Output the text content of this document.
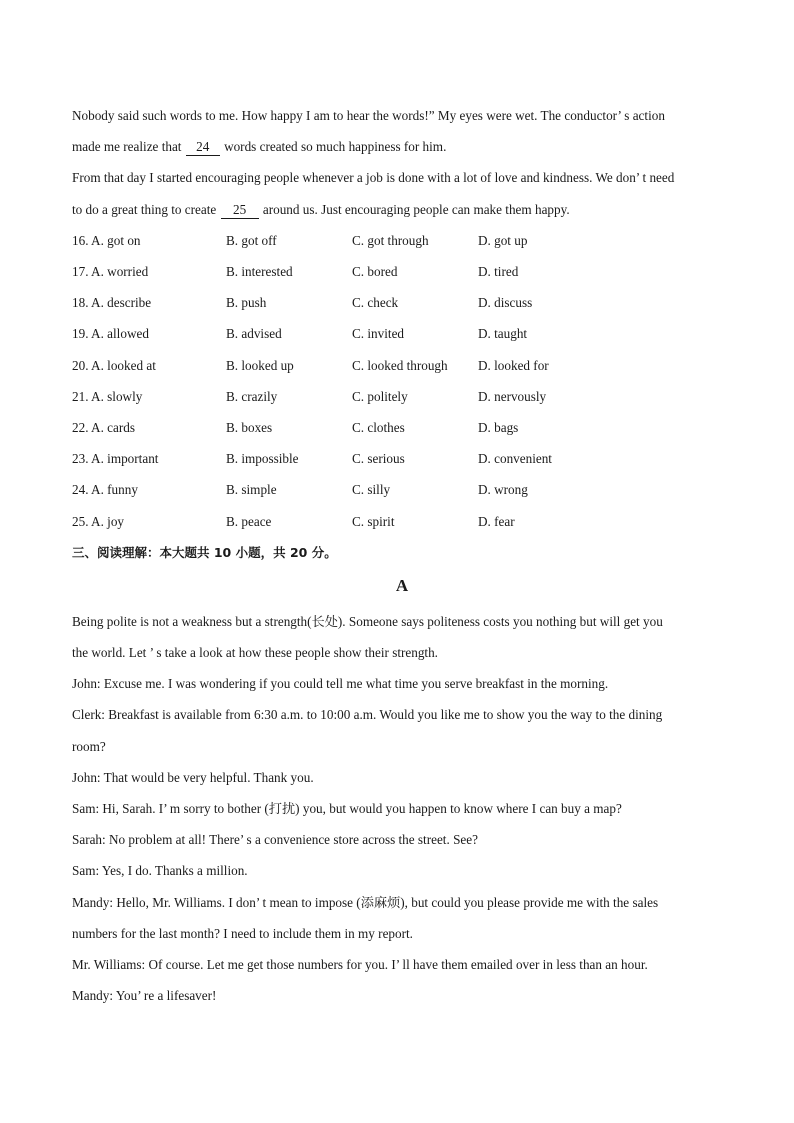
Nobody said such words to me. How happy I am to hear the words!” My eyes were wet. The conductor’ s action

made me realize that 24 words created so much happiness for him.

From that day I started encouraging people whenever a job is done with a lot of love and kindness. We don’ t need

to do a great thing to create 25 around us. Just encouraging people can make them happy.

16. A. got on	B. got off	C. got through	D. got up
17. A. worried	B. interested	C. bored	D. tired
18. A. describe	B. push	C. check	D. discuss
19. A. allowed	B. advised	C. invited	D. taught
20. A. looked at	B. looked up	C. looked through	D. looked for
21. A. slowly	B. crazily	C. politely	D. nervously
22. A. cards	B. boxes	C. clothes	D. bags
23. A. important	B. impossible	C. serious	D. convenient
24. A. funny	B. simple	C. silly	D. wrong
25. A. joy	B. peace	C. spirit	D. fear

三、阅读理解：本大题共 10 小题，共 20 分。

A

Being polite is not a weakness but a strength(长处). Someone says politeness costs you nothing but will get you

the world. Let ’ s take a look at how these people show their strength.

John: Excuse me. I was wondering if you could tell me what time you serve breakfast in the morning.

Clerk: Breakfast is available from 6:30 a.m. to 10:00 a.m. Would you like me to show you the way to the dining

room?

John: That would be very helpful. Thank you.

Sam: Hi, Sarah. I’ m sorry to bother (打扰) you, but would you happen to know where I can buy a map?

Sarah: No problem at all! There’ s a convenience store across the street. See?

Sam: Yes, I do. Thanks a million.

Mandy: Hello, Mr. Williams. I don’ t mean to impose (添麻烦), but could you please provide me with the sales

numbers for the last month? I need to include them in my report.

Mr. Williams: Of course. Let me get those numbers for you. I’ ll have them emailed over in less than an hour.

Mandy: You’ re a lifesaver!
